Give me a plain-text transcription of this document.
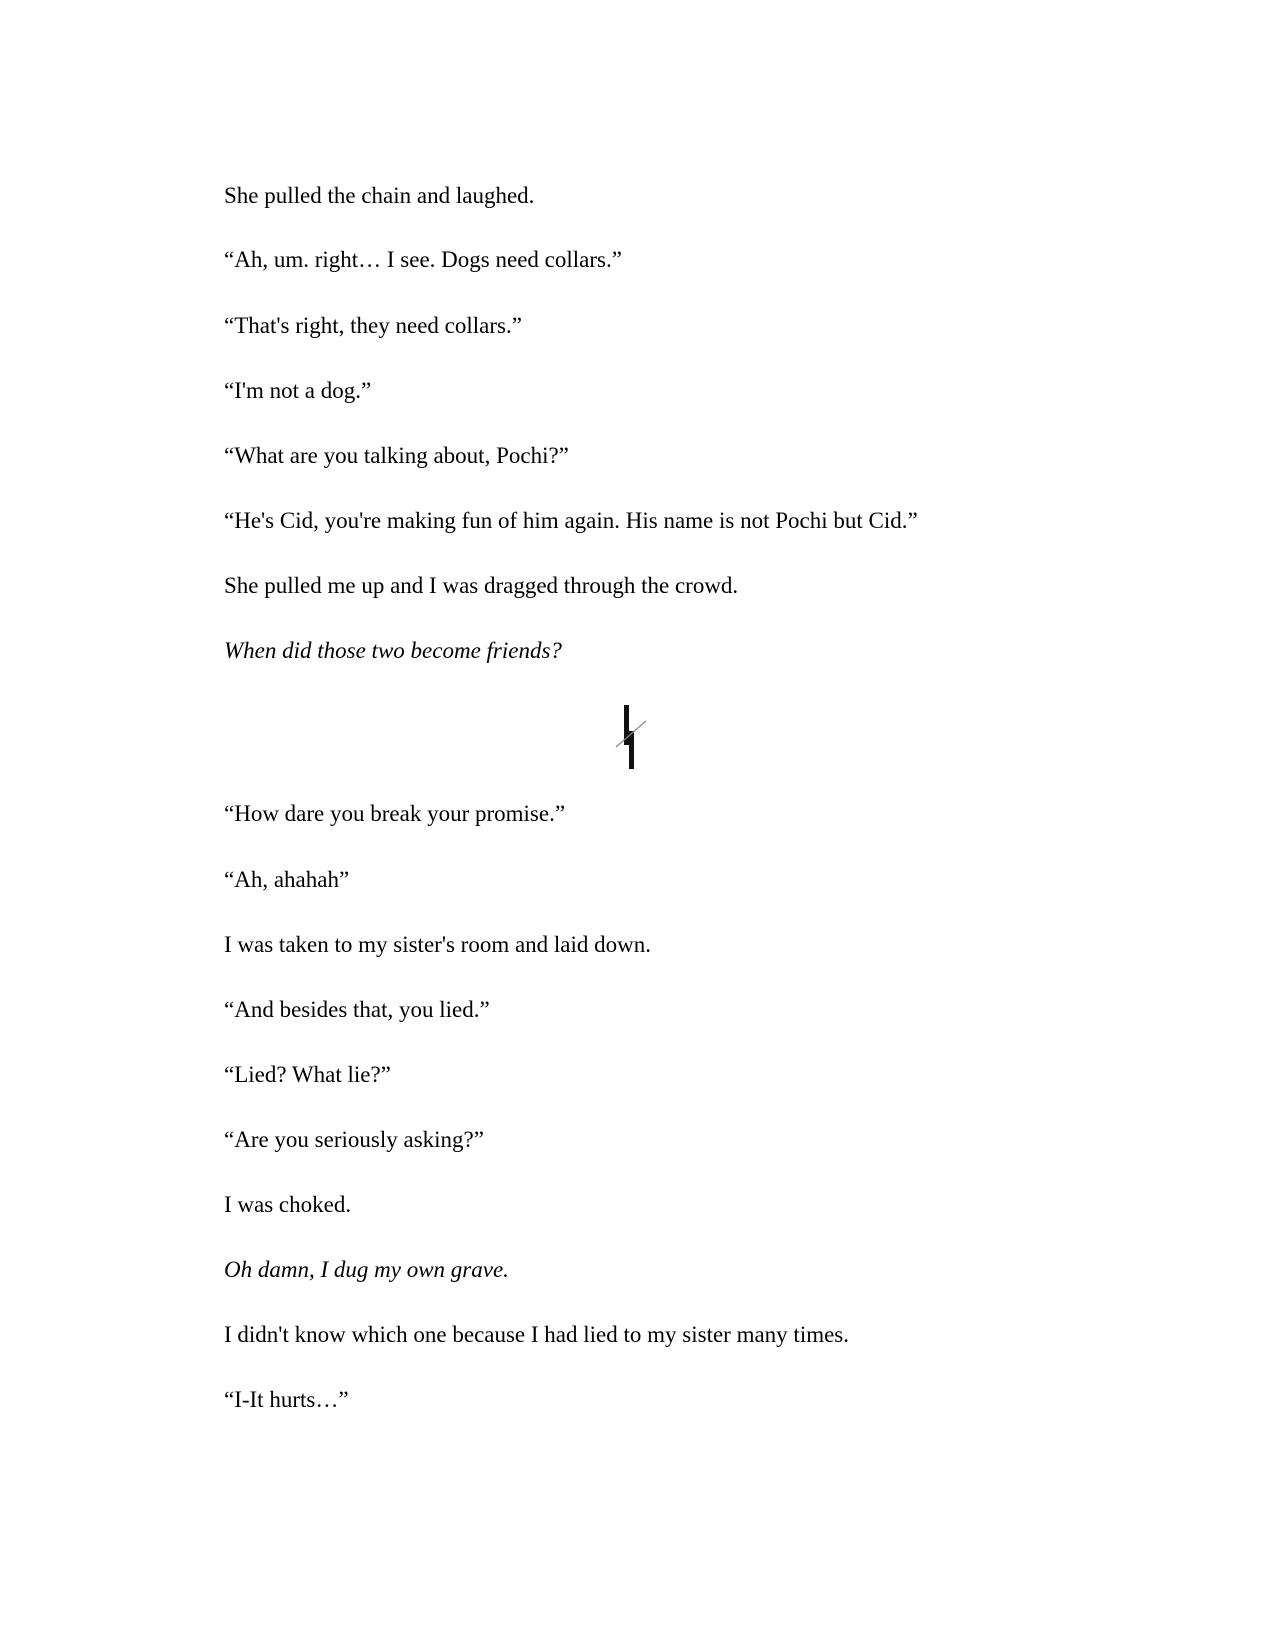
She pulled the chain and laughed.
“Ah, um. right… I see. Dogs need collars.”
“That's right, they need collars.”
“I'm not a dog.”
“What are you talking about, Pochi?”
“He's Cid, you're making fun of him again. His name is not Pochi but Cid.”
She pulled me up and I was dragged through the crowd.
When did those two become friends?
“How dare you break your promise.”
“Ah, ahahah”
I was taken to my sister's room and laid down.
“And besides that, you lied.”
“Lied? What lie?”
“Are you seriously asking?”
I was choked.
Oh damn, I dug my own grave.
I didn't know which one because I had lied to my sister many times.
“I-It hurts…”
